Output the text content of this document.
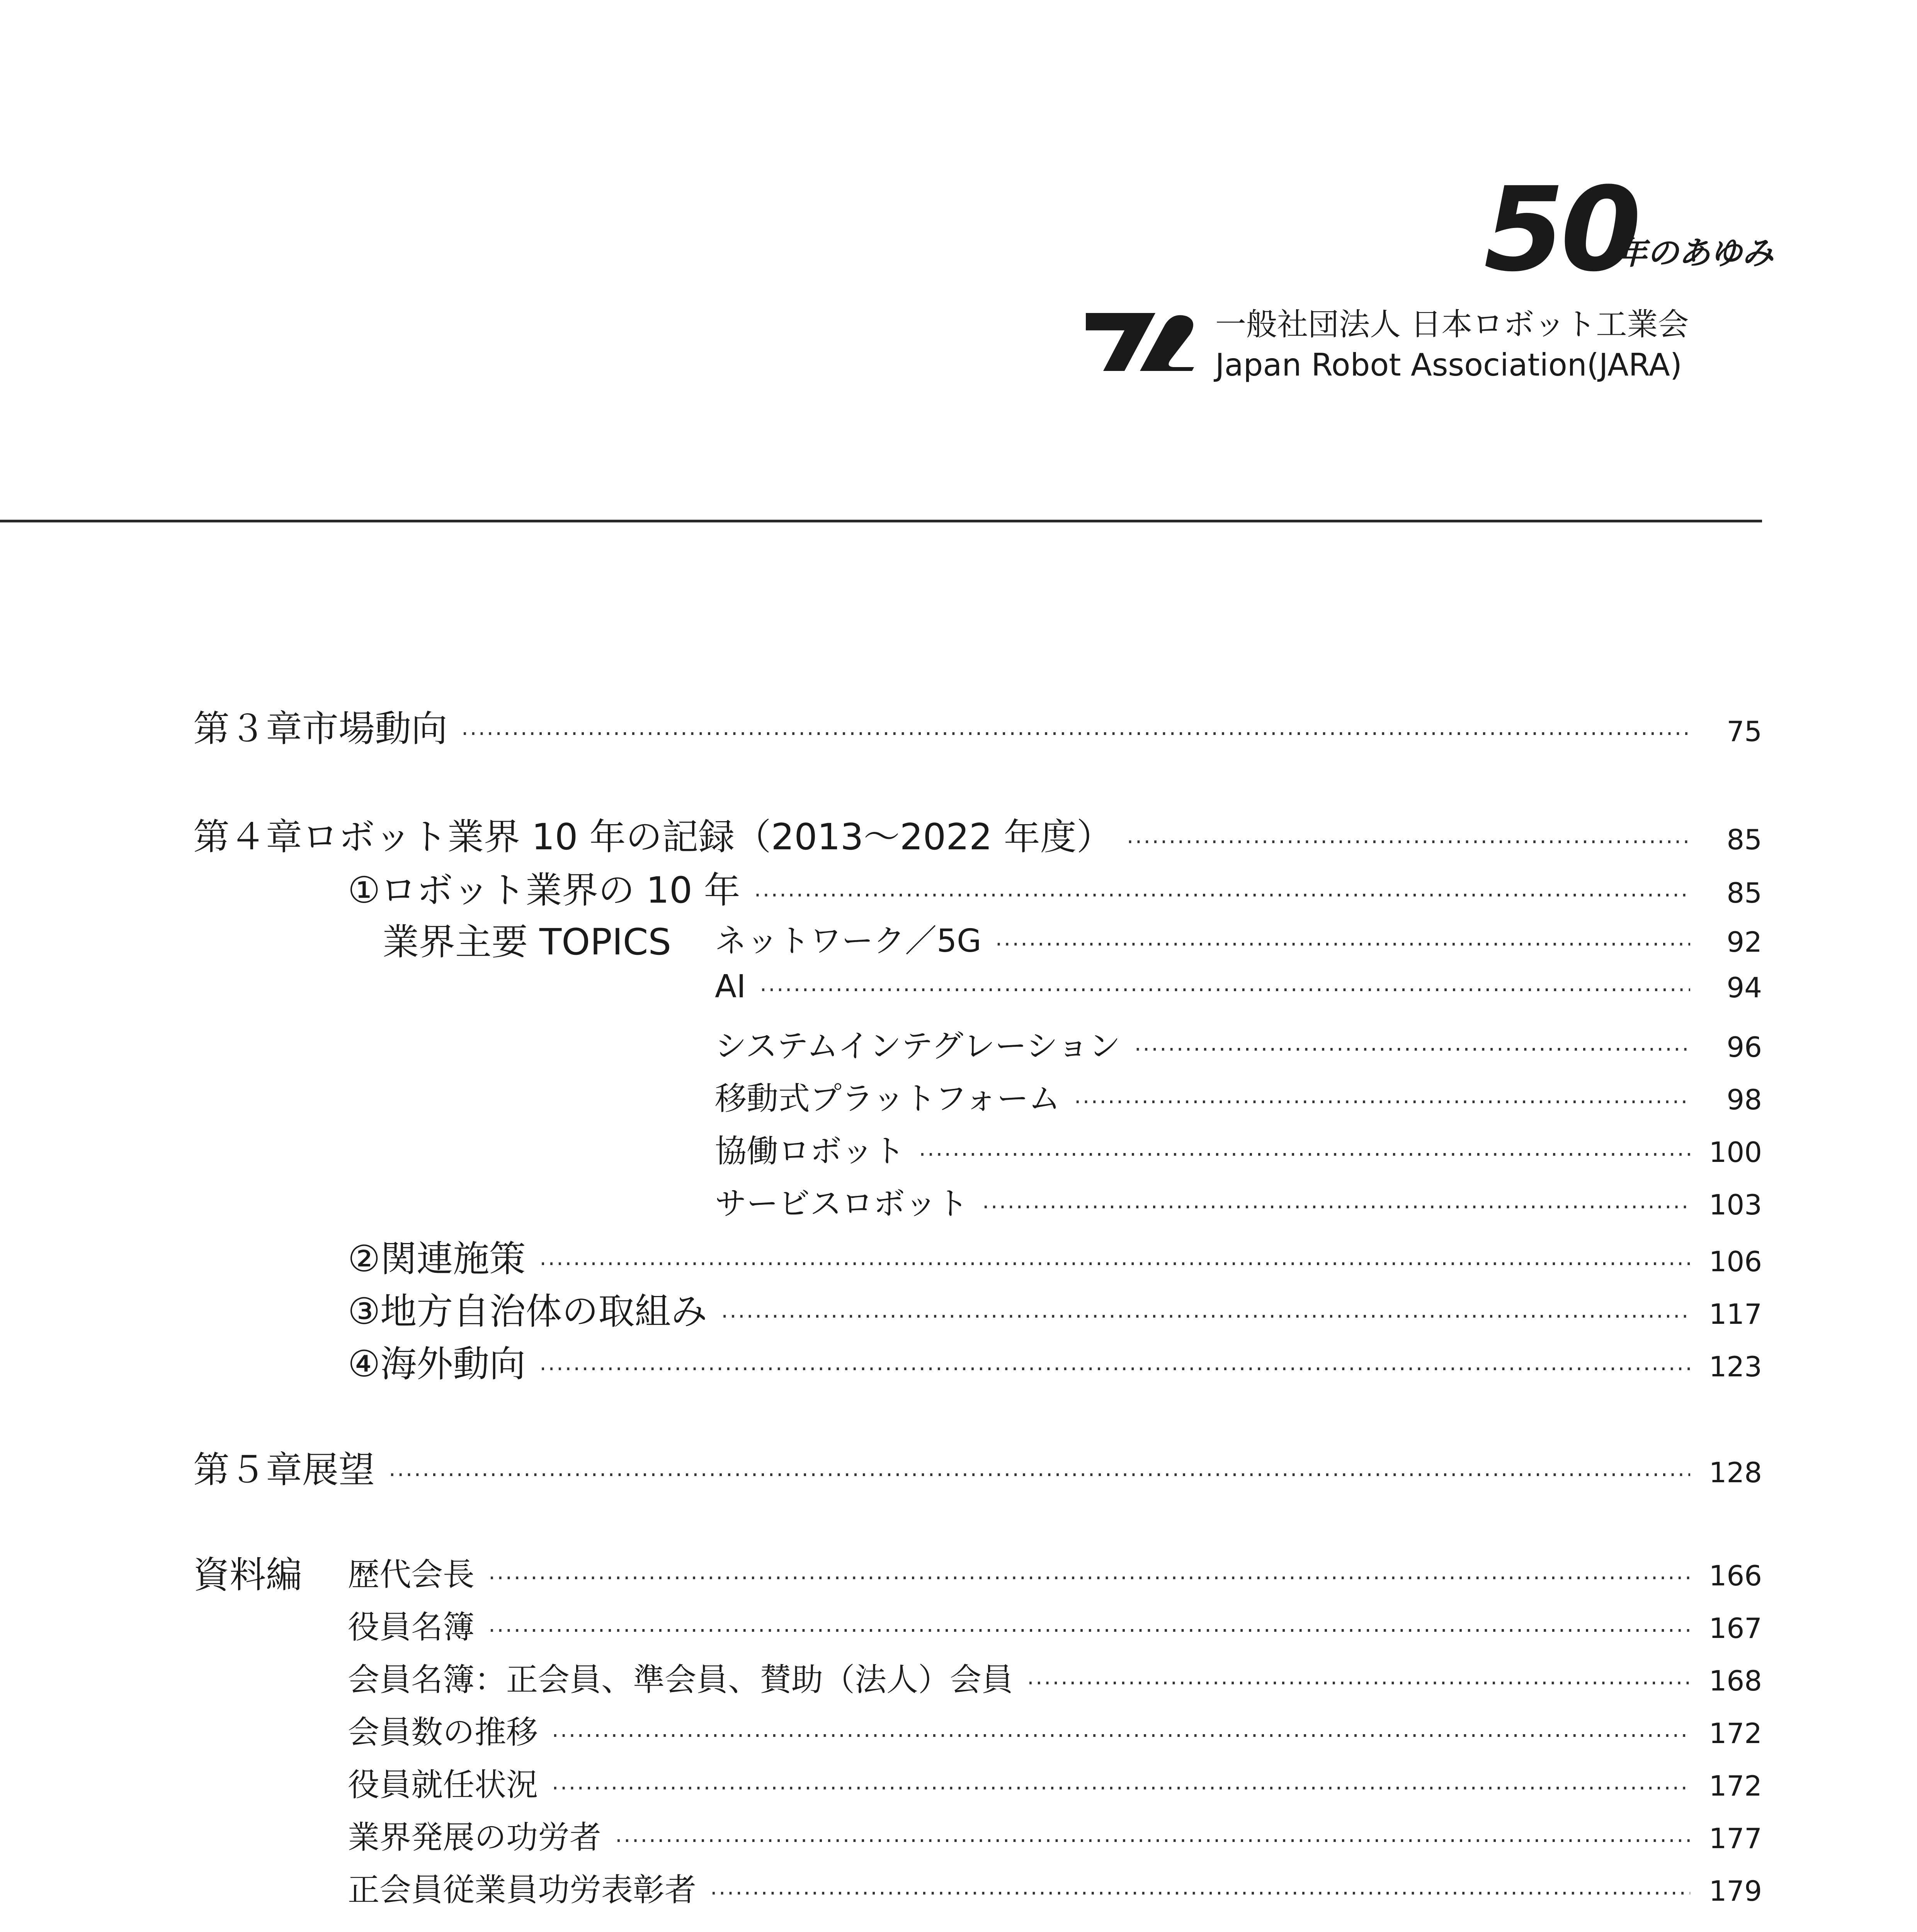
50
年のあゆみ
一般社団法人 日本ロボット工業会
Japan Robot Association(JARA)
第３章 市場動向 ·····	75
第４章 ロボット業界 10 年の記録（2013～2022 年度） ·····	85
①ロボット業界の 10 年 ·····	85
業界主要 TOPICS ネットワーク／5G ·····	92
AI ·····	94
システムインテグレーション ·····	96
移動式プラットフォーム ·····	98
協働ロボット ·····	100
サービスロボット ·····	103
②関連施策 ·····	106
③地方自治体の取組み ·····	117
④海外動向 ·····	123
第５章 展望 ·····	128
資料編 歴代会長 ·····	166
役員名簿 ·····	167
会員名簿：正会員、準会員、賛助（法人）会員 ·····	168
会員数の推移 ·····	172
役員就任状況 ·····	172
業界発展の功労者 ·····	177
正会員従業員功労表彰者 ·····	179
